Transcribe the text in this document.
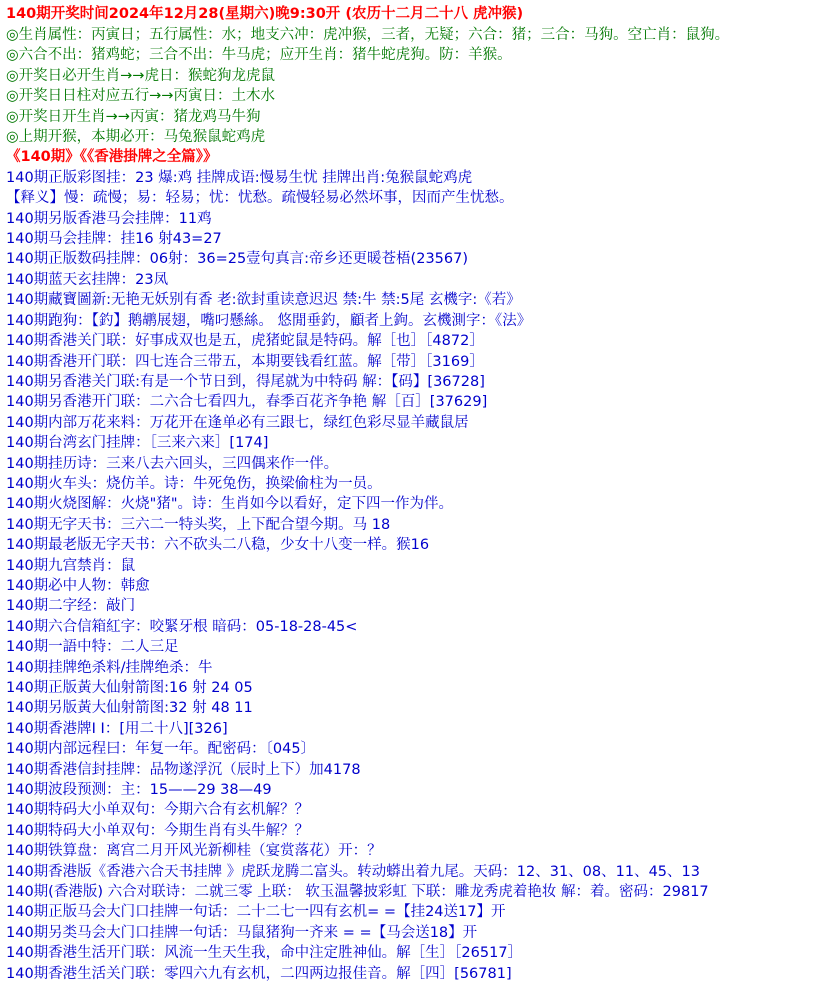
140期开奖时间2024年12月28(星期六)晚9:30开 (农历十二月二十八 虎冲猴)
◎生肖属性：丙寅日；五行属性：水；地支六冲：虎冲猴，三者，无疑；六合：猪；三合：马狗。空亡肖：鼠狗。
◎六合不出：猪鸡蛇；三合不出：牛马虎；应开生肖：猪牛蛇虎狗。防：羊猴。
◎开奖日必开生肖→→虎日：猴蛇狗龙虎鼠
◎开奖日日柱对应五行→→丙寅日：土木水
◎开奖日开生肖→→丙寅：猪龙鸡马牛狗
◎上期开猴，本期必开：马兔猴鼠蛇鸡虎
《140期》《《香港掛牌之全篇》》
140期正版彩图挂：23 爆:鸡 挂牌成语:慢易生忧 挂牌出肖:兔猴鼠蛇鸡虎
【释义】慢：疏慢；易：轻易；忧：忧愁。疏慢轻易必然坏事，因而产生忧愁。
140期另版香港马会挂牌：11鸡
140期马会挂牌：挂16 射43=27
140期正版数码挂牌：06射：36=25壹句真言:帝乡还更暖苍梧(23567)
140期蓝天玄挂牌：23凤
140期藏寶圖新:无艳无妖别有香 老:欲封重读意迟迟 禁:牛 禁:5尾 玄機字:《若》
140期跑狗：【釣】鹅鹕展翅，嘴叼懸絲。 悠閒垂釣，顧者上鉤。玄機測字：《法》
140期香港关门联：好事成双也是五，虎猪蛇鼠是特码。解［也］［4872］
140期香港开门联：四七连合三带五，本期要钱看红蓝。解［带］［3169］
140期另香港关门联:有是一个节日到，得尾就为中特码 解：【码】[36728]
140期另香港开门联：二六合七看四九，春季百花齐争艳 解［百］[37629]
140期内部万花来料：万花开在逢单必有三跟七，绿红色彩尽显羊藏鼠居
140期台湾玄门挂牌：［三来六来］[174]
140期挂历诗：三来八去六回头，三四偶来作一伴。
140期火车头：烧仿羊。诗：牛死兔伤，换梁偷柱为一员。
140期火烧图解：火烧"猪"。诗：生肖如今以看好，定下四一作为伴。
140期无字天书：三六二一特头奖，上下配合望今期。马 18
140期最老版无字天书：六不砍头二八稳，少女十八变一样。猴16
140期九宫禁肖：鼠
140期必中人物：韩愈
140期二字经：敲门
140期六合信箱紅字：咬緊牙根 暗码：05-18-28-45<
140期一語中特：二人三足
140期挂牌绝杀料/挂牌绝杀：牛
140期正版黃大仙射箭图:16 射 24 05
140期另版黃大仙射箭图:32 射 48 11
140期香港牌Ⅰ I：[用二十八][326]
140期内部远程曰：年复一年。配密码：〔045〕
140期香港信封挂牌：品物遂浮沉（辰时上下）加4178
140期波段预测：主：15——29 38—49
140期特码大小单双句：今期六合有玄机解？？
140期特码大小单双句：今期生肖有头牛解？？
140期铁算盘：离宫二月开风光新柳桂（宴赏落花）开：？
140期香港版《香港六合天书挂牌 》虎跃龙腾二富头。转动蟒出着九尾。天码：12、31、08、11、45、13
140期(香港版) 六合对联诗：二就三零 上联： 软玉温馨披彩虹 下联：雕龙秀虎着艳妆 解：着。密码：29817
140期正版马会大门口挂牌一句话：二十二七一四有玄机= =【挂24送17】开
140期另类马会大门口挂牌一句话：马鼠猪狗一齐来 = =【马会送18】开
140期香港生活开门联：风流一生天生我，命中注定胜神仙。解［生］［26517］
140期香港生活关门联：零四六九有玄机，二四两边报佳音。解［四］[56781]
